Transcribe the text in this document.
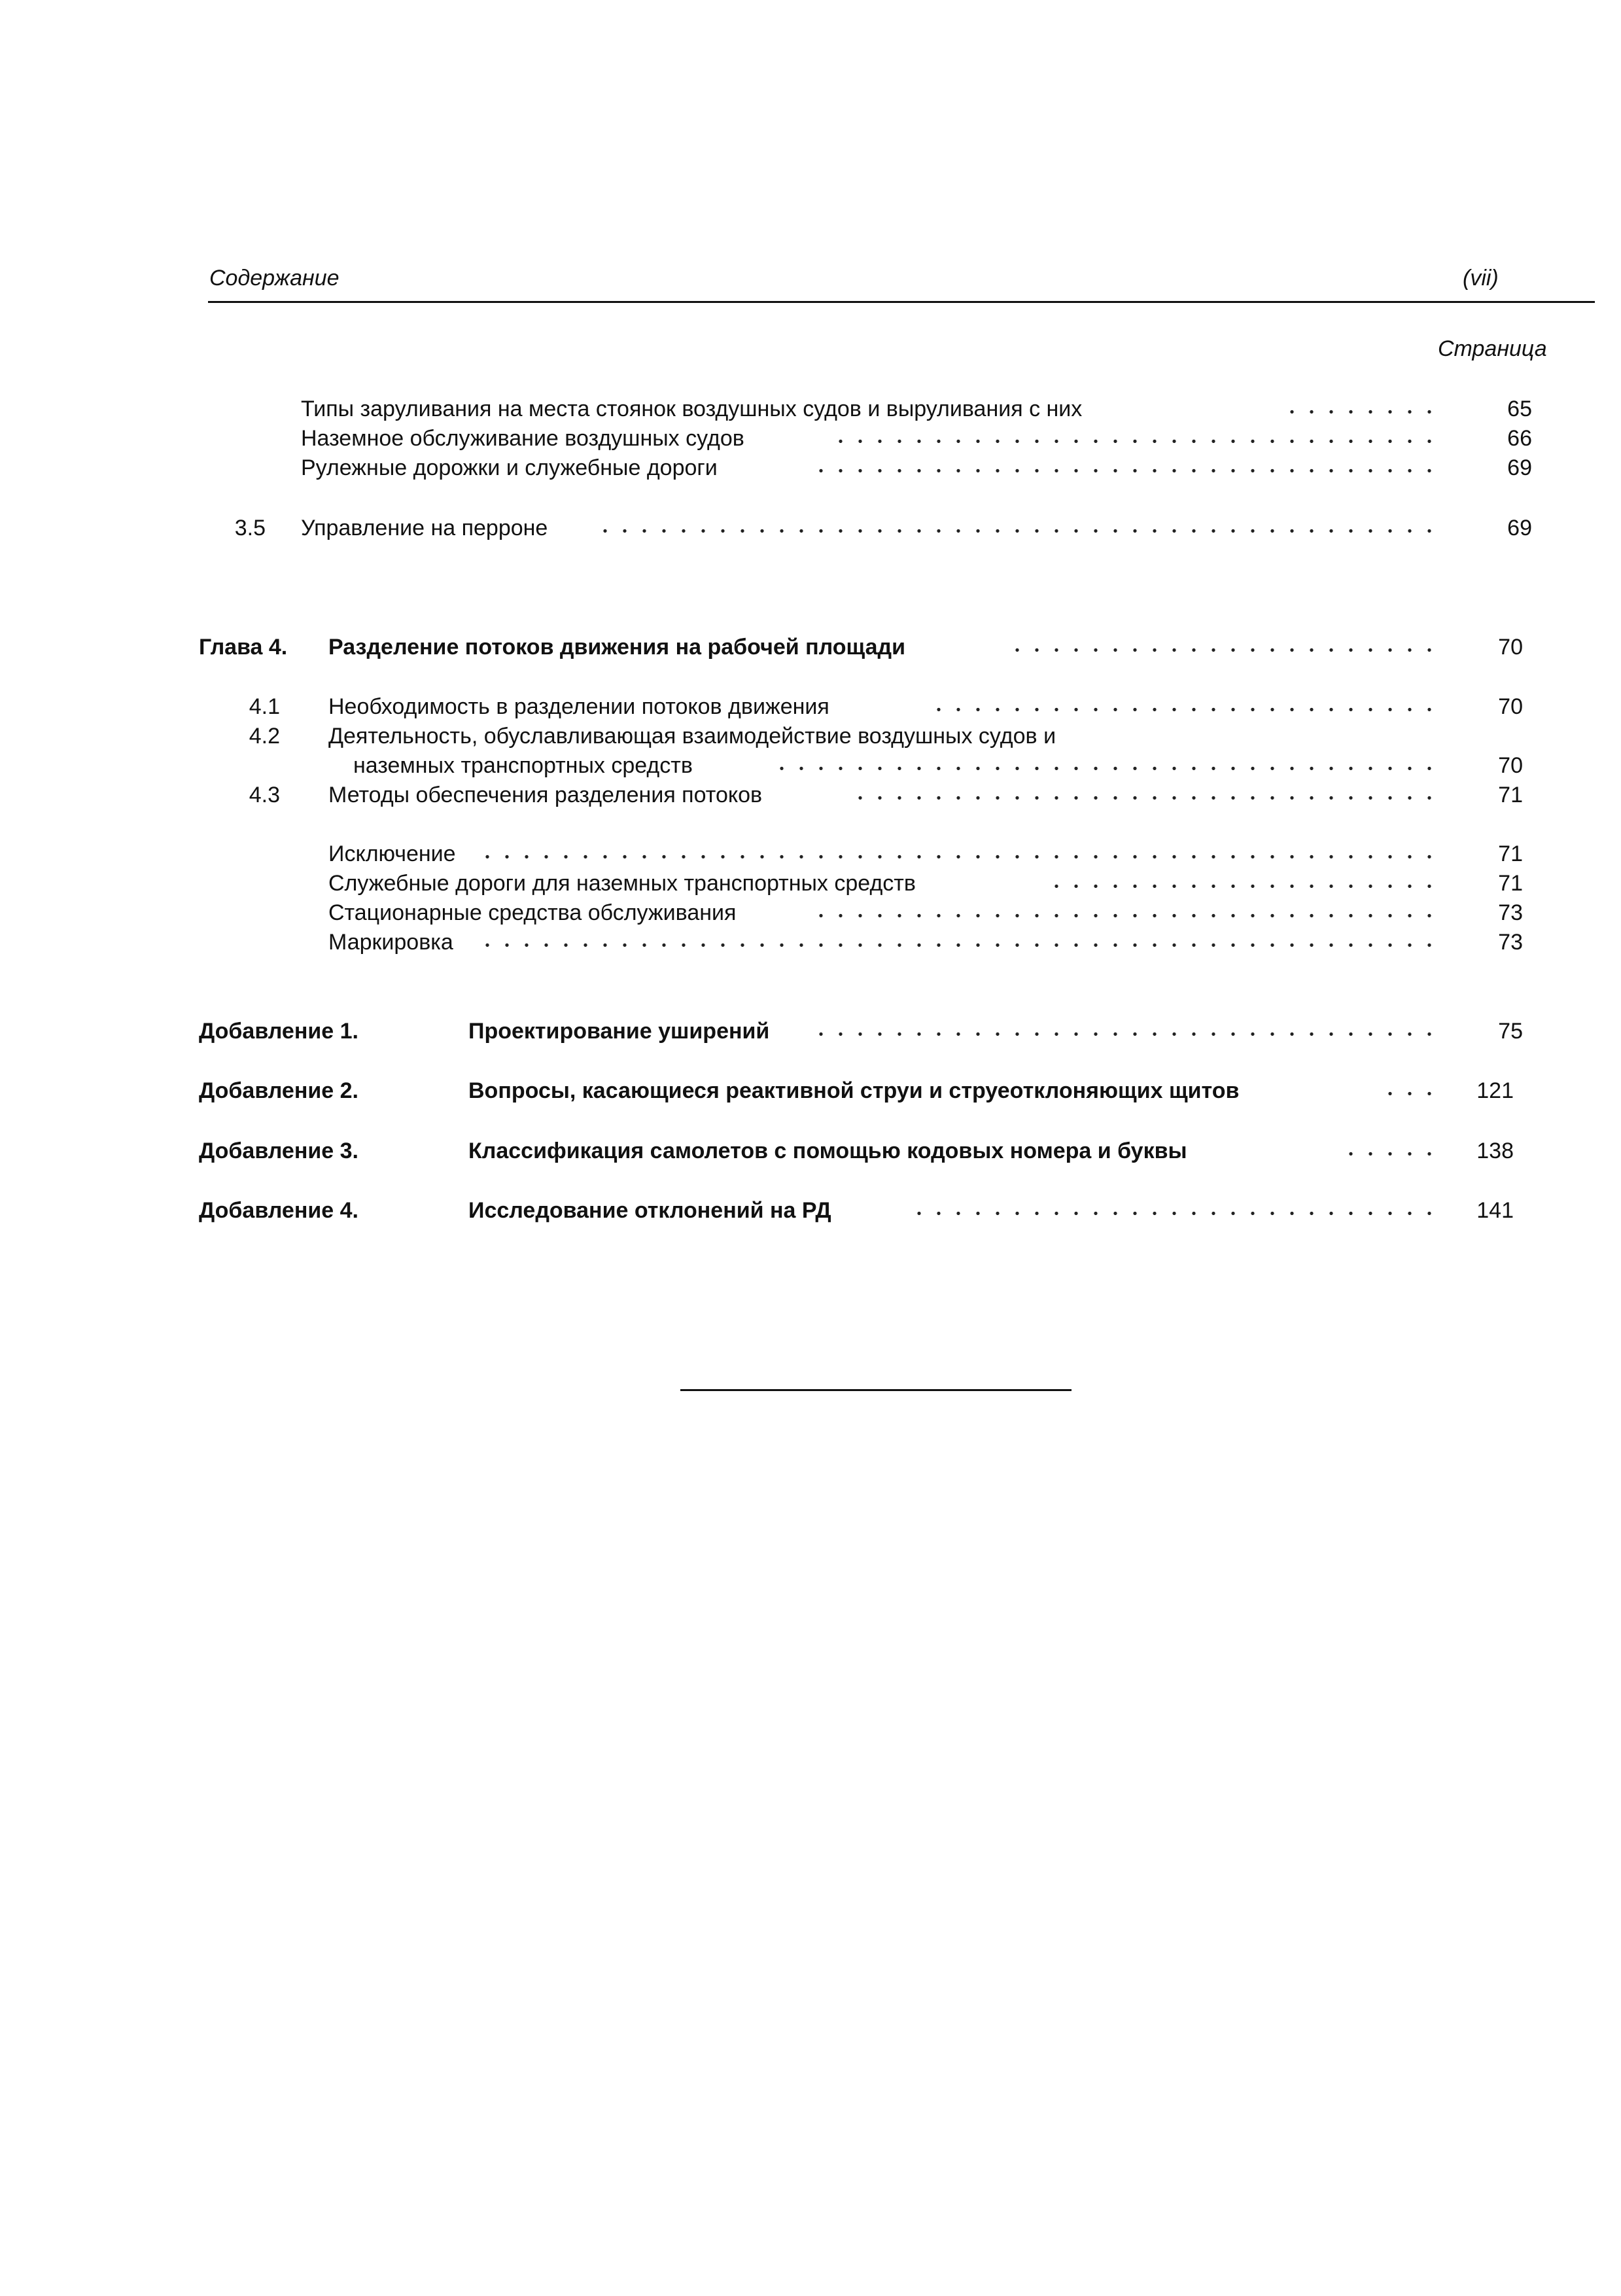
Содержание	(vii)
Страница
Типы заруливания на места стоянок воздушных судов и выруливания с них	65
Наземное обслуживание воздушных судов	66
Рулежные дорожки и служебные дороги	69
3.5 Управление на перроне	69
Глава 4. Разделение потоков движения на рабочей площади	70
4.1 Необходимость в разделении потоков движения	70
4.2 Деятельность, обуславливающая взаимодействие воздушных судов и
наземных транспортных средств	70
4.3 Методы обеспечения разделения потоков	71
Исключение	71
Служебные дороги для наземных транспортных средств	71
Стационарные средства обслуживания	73
Маркировка	73
Добавление 1.	Проектирование уширений	75
Добавление 2.	Вопросы, касающиеся реактивной струи и струеотклоняющих щитов	121
Добавление 3.	Классификация самолетов с помощью кодовых номера и буквы	138
Добавление 4.	Исследование отклонений на РД	141
